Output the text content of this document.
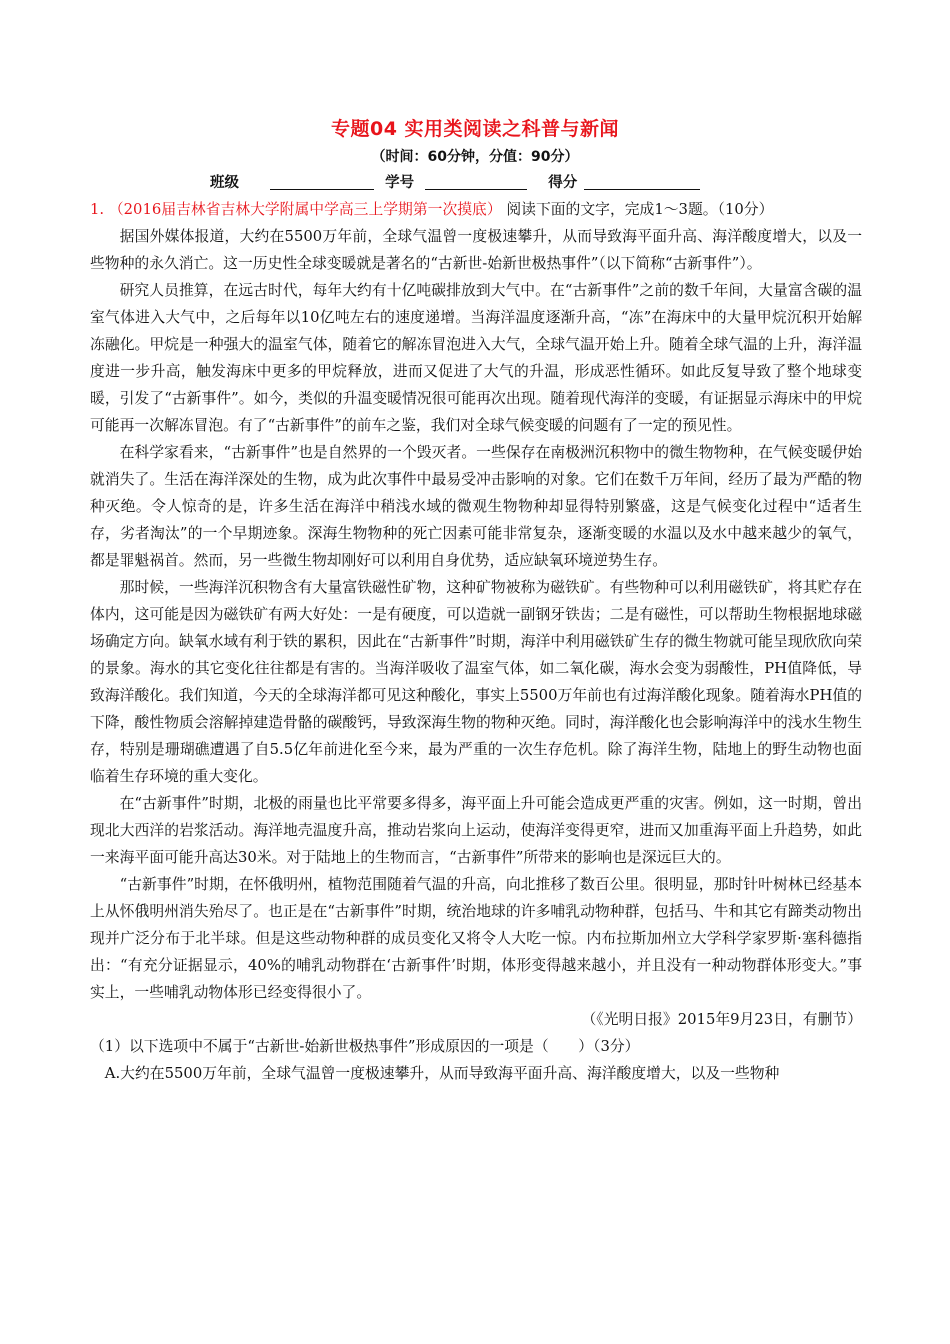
专题04 实用类阅读之科普与新闻
（时间：60分钟，分值：90分）
班级	学号	得分

1. （2016届吉林省吉林大学附属中学高三上学期第一次摸底） 阅读下面的文字，完成1～3题。（10分）

据国外媒体报道，大约在5500万年前，全球气温曾一度极速攀升，从而导致海平面升高、海洋酸度增大，以及一些物种的永久消亡。这一历史性全球变暖就是著名的“古新世-始新世极热事件”（以下简称“古新事件”）。

研究人员推算，在远古时代，每年大约有十亿吨碳排放到大气中。在“古新事件”之前的数千年间，大量富含碳的温室气体进入大气中，之后每年以10亿吨左右的速度递增。当海洋温度逐渐升高，“冻”在海床中的大量甲烷沉积开始解冻融化。甲烷是一种强大的温室气体，随着它的解冻冒泡进入大气，全球气温开始上升。随着全球气温的上升，海洋温度进一步升高，触发海床中更多的甲烷释放，进而又促进了大气的升温，形成恶性循环。如此反复导致了整个地球变暖，引发了“古新事件”。如今，类似的升温变暖情况很可能再次出现。随着现代海洋的变暖，有证据显示海床中的甲烷可能再一次解冻冒泡。有了“古新事件”的前车之鉴，我们对全球气候变暖的问题有了一定的预见性。

在科学家看来，“古新事件”也是自然界的一个毁灭者。一些保存在南极洲沉积物中的微生物物种，在气候变暖伊始就消失了。生活在海洋深处的生物，成为此次事件中最易受冲击影响的对象。它们在数千万年间，经历了最为严酷的物种灭绝。令人惊奇的是，许多生活在海洋中稍浅水域的微观生物物种却显得特别繁盛，这是气候变化过程中“适者生存，劣者淘汰”的一个早期迹象。深海生物物种的死亡因素可能非常复杂，逐渐变暖的水温以及水中越来越少的氧气，都是罪魁祸首。然而，另一些微生物却刚好可以利用自身优势，适应缺氧环境逆势生存。

那时候，一些海洋沉积物含有大量富铁磁性矿物，这种矿物被称为磁铁矿。有些物种可以利用磁铁矿，将其贮存在体内，这可能是因为磁铁矿有两大好处：一是有硬度，可以造就一副钢牙铁齿；二是有磁性，可以帮助生物根据地球磁场确定方向。缺氧水域有利于铁的累积，因此在“古新事件”时期，海洋中利用磁铁矿生存的微生物就可能呈现欣欣向荣的景象。海水的其它变化往往都是有害的。当海洋吸收了温室气体，如二氧化碳，海水会变为弱酸性，PH值降低，导致海洋酸化。我们知道，今天的全球海洋都可见这种酸化，事实上5500万年前也有过海洋酸化现象。随着海水PH值的下降，酸性物质会溶解掉建造骨骼的碳酸钙，导致深海生物的物种灭绝。同时，海洋酸化也会影响海洋中的浅水生物生存，特别是珊瑚礁遭遇了自5.5亿年前进化至今来，最为严重的一次生存危机。除了海洋生物，陆地上的野生动物也面临着生存环境的重大变化。

在“古新事件”时期，北极的雨量也比平常要多得多，海平面上升可能会造成更严重的灾害。例如，这一时期，曾出现北大西洋的岩浆活动。海洋地壳温度升高，推动岩浆向上运动，使海洋变得更窄，进而又加重海平面上升趋势，如此一来海平面可能升高达30米。对于陆地上的生物而言，“古新事件”所带来的影响也是深远巨大的。

“古新事件”时期，在怀俄明州，植物范围随着气温的升高，向北推移了数百公里。很明显，那时针叶树林已经基本上从怀俄明州消失殆尽了。也正是在“古新事件”时期，统治地球的许多哺乳动物种群，包括马、牛和其它有蹄类动物出现并广泛分布于北半球。但是这些动物种群的成员变化又将令人大吃一惊。内布拉斯加州立大学科学家罗斯·塞科德指出：“有充分证据显示，40%的哺乳动物群在‘古新事件’时期，体形变得越来越小，并且没有一种动物群体形变大。”事实上，一些哺乳动物体形已经变得很小了。

（《光明日报》2015年9月23日，有删节）

（1）以下选项中不属于“古新世-始新世极热事件”形成原因的一项是（　　）（3分）

A.大约在5500万年前，全球气温曾一度极速攀升，从而导致海平面升高、海洋酸度增大，以及一些物种
